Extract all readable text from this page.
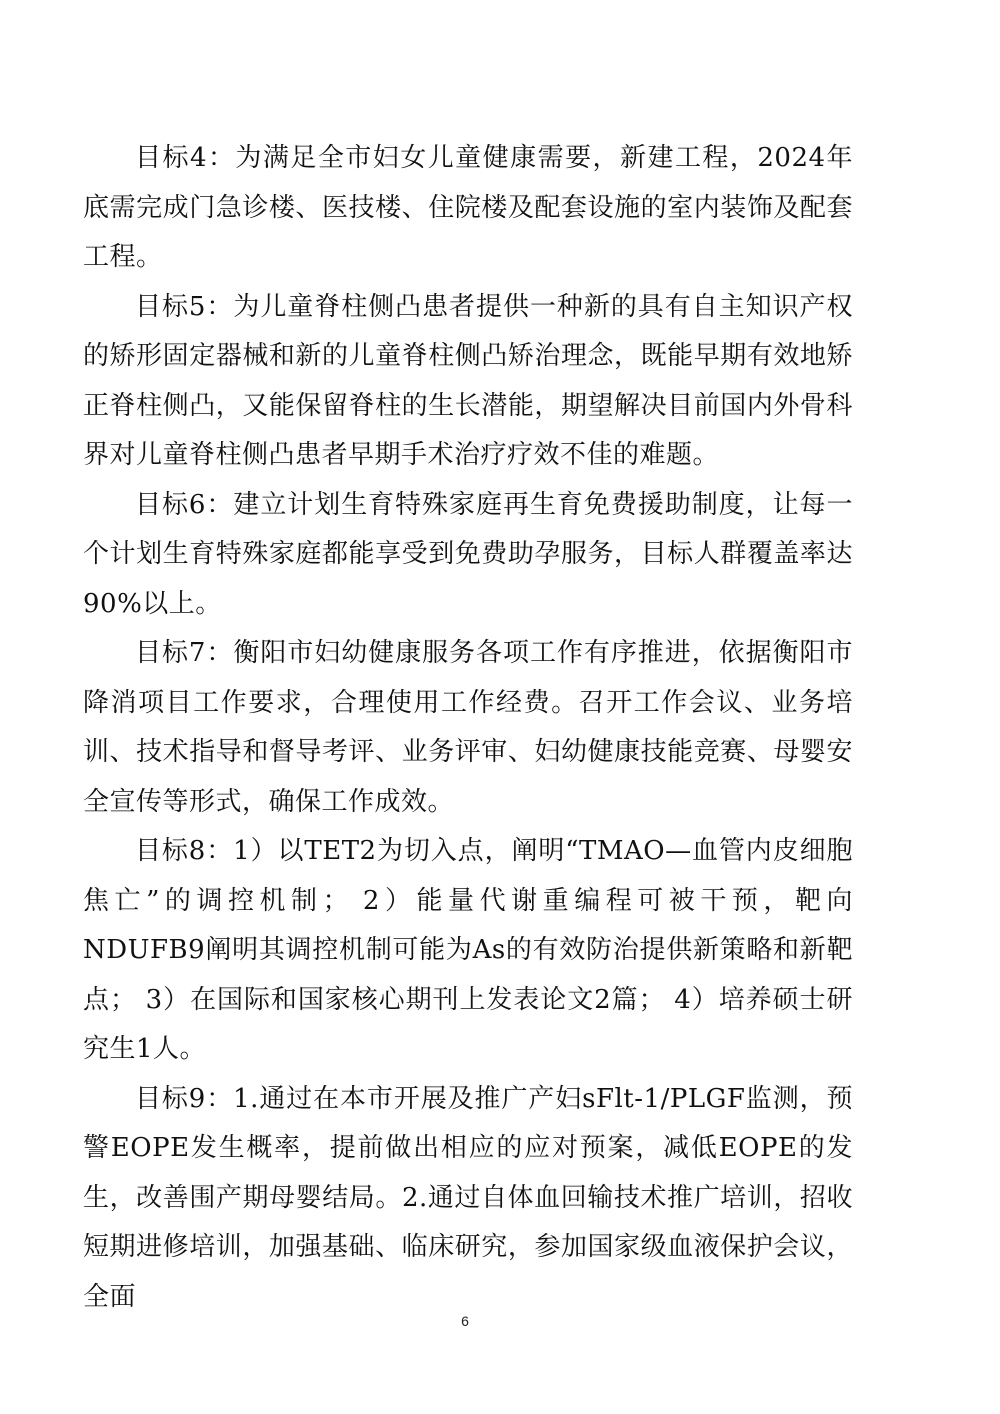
目标4：为满足全市妇女儿童健康需要，新建工程，2024年底需完成门急诊楼、医技楼、住院楼及配套设施的室内装饰及配套工程。

目标5：为儿童脊柱侧凸患者提供一种新的具有自主知识产权的矫形固定器械和新的儿童脊柱侧凸矫治理念，既能早期有效地矫正脊柱侧凸，又能保留脊柱的生长潜能，期望解决目前国内外骨科界对儿童脊柱侧凸患者早期手术治疗疗效不佳的难题。

目标6：建立计划生育特殊家庭再生育免费援助制度，让每一个计划生育特殊家庭都能享受到免费助孕服务，目标人群覆盖率达90%以上。

目标7：衡阳市妇幼健康服务各项工作有序推进，依据衡阳市降消项目工作要求，合理使用工作经费。召开工作会议、业务培训、技术指导和督导考评、业务评审、妇幼健康技能竞赛、母婴安全宣传等形式，确保工作成效。

目标8：1）以TET2为切入点，阐明“TMAO—血管内皮细胞焦亡”的调控机制； 2）能量代谢重编程可被干预，靶向NDUFB9阐明其调控机制可能为As的有效防治提供新策略和新靶点； 3）在国际和国家核心期刊上发表论文2篇； 4）培养硕士研究生1人。

目标9：1.通过在本市开展及推广产妇sFlt-1/PLGF监测，预警EOPE发生概率，提前做出相应的应对预案，减低EOPE的发生，改善围产期母婴结局。2.通过自体血回输技术推广培训，招收短期进修培训，加强基础、临床研究，参加国家级血液保护会议，全面

6
